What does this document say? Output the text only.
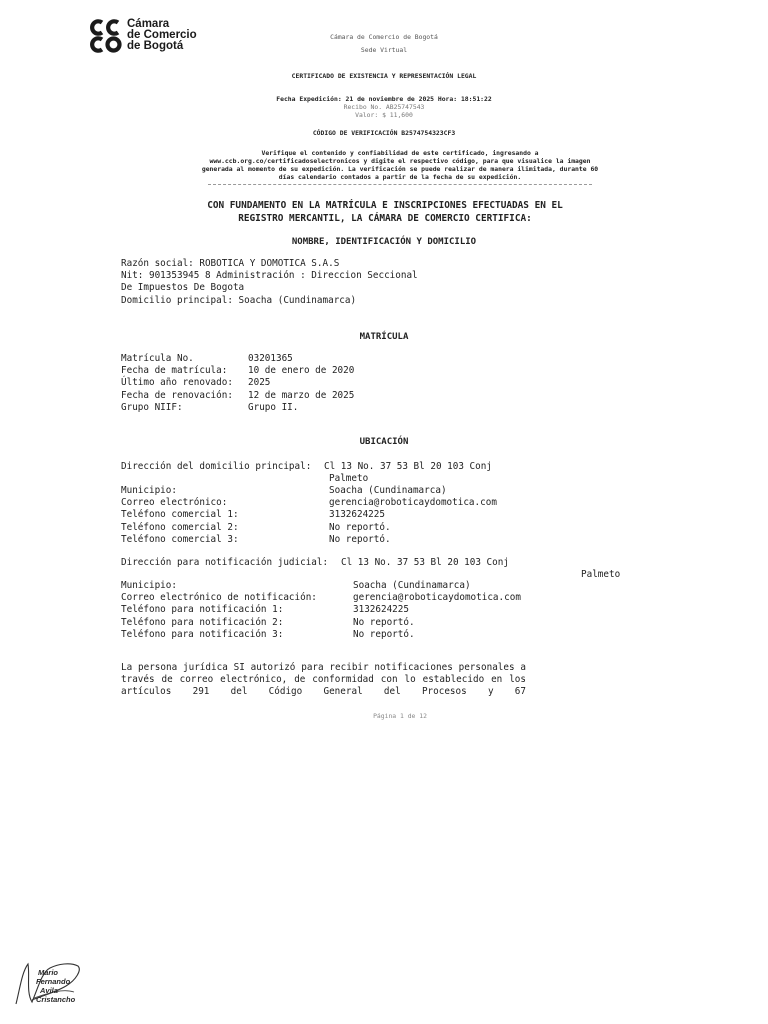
Cámara
de Comercio
de Bogotá
Cámara de Comercio de Bogotá
Sede Virtual
CERTIFICADO DE EXISTENCIA Y REPRESENTACIÓN LEGAL
Fecha Expedición: 21 de noviembre de 2025 Hora: 18:51:22
Recibo No. AB25747543
Valor: $ 11,600
CÓDIGO DE VERIFICACIÓN B2574754323CF3
Verifique el contenido y confiabilidad de este certificado, ingresando a www.ccb.org.co/certificadoselectronicos y digite el respectivo código, para que visualice la imagen generada al momento de su expedición. La verificación se puede realizar de manera ilimitada, durante 60 días calendario contados a partir de la fecha de su expedición.
CON FUNDAMENTO EN LA MATRÍCULA E INSCRIPCIONES EFECTUADAS EN EL REGISTRO MERCANTIL, LA CÁMARA DE COMERCIO CERTIFICA:
NOMBRE, IDENTIFICACIÓN Y DOMICILIO
Razón social: ROBOTICA Y DOMOTICA S.A.S
Nit: 901353945 8 Administración : Direccion Seccional
De Impuestos De Bogota
Domicilio principal: Soacha (Cundinamarca)
MATRÍCULA
Matrícula No.
Fecha de matrícula:
Último año renovado:
Fecha de renovación:
Grupo NIIF:
03201365
10 de enero de 2020
2025
12 de marzo de 2025
Grupo II.
UBICACIÓN
Dirección del domicilio principal: Cl 13 No. 37 53 Bl 20 103 Conj
Palmeto
Municipio:
Correo electrónico:
Teléfono comercial 1:
Teléfono comercial 2:
Teléfono comercial 3:
Soacha (Cundinamarca)
gerencia@roboticaydomotica.com
3132624225
No reportó.
No reportó.
Dirección para notificación judicial: Cl 13 No. 37 53 Bl 20 103 Conj
Palmeto
Municipio:
Correo electrónico de notificación:
Teléfono para notificación 1:
Teléfono para notificación 2:
Teléfono para notificación 3:
Soacha (Cundinamarca)
gerencia@roboticaydomotica.com
3132624225
No reportó.
No reportó.
La persona jurídica SI autorizó para recibir notificaciones personales a través de correo electrónico, de conformidad con lo establecido en los artículos 291 del Código General del Procesos y 67
Página 1 de 12
Mario
Fernando
Avila
Cristancho
